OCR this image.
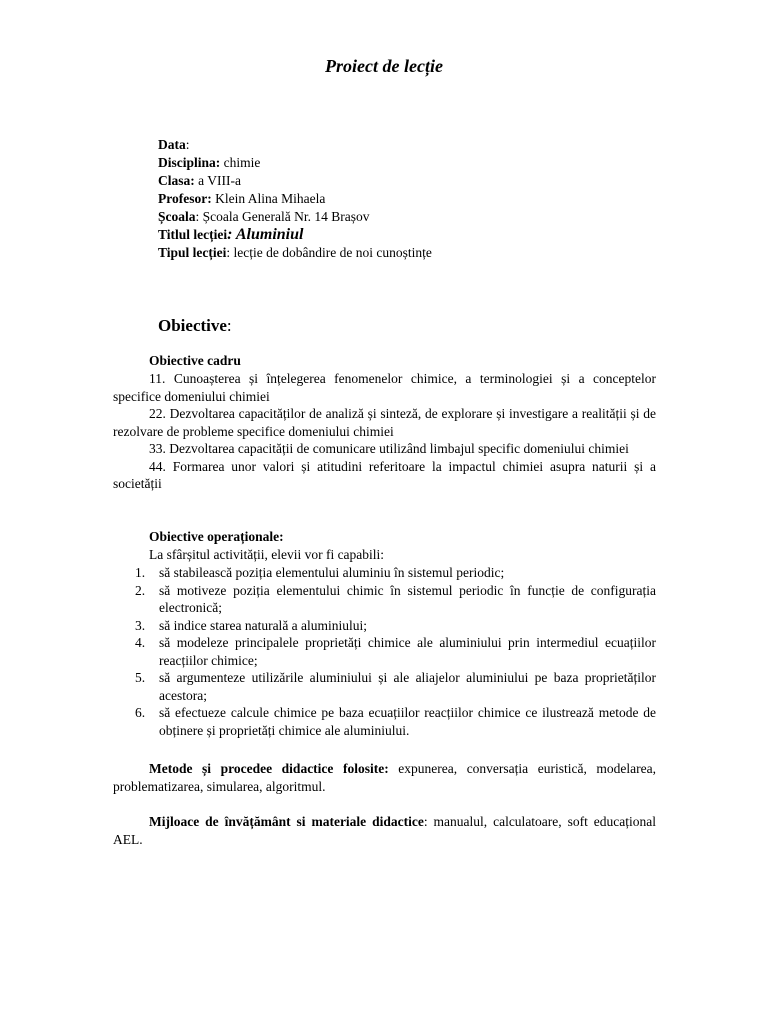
Proiect de lecție
Data:
Disciplina: chimie
Clasa: a VIII-a
Profesor: Klein Alina Mihaela
Școala: Școala Generală Nr. 14 Brașov
Titlul lecției: Aluminiul
Tipul lecției: lecție de dobândire de noi cunoștințe
Obiective:
Obiective cadru

11. Cunoașterea și înțelegerea fenomenelor chimice, a terminologiei și a conceptelor specifice domeniului chimiei

22. Dezvoltarea capacităților de analiză și sinteză, de explorare și investigare a realității și de rezolvare de probleme specifice domeniului chimiei

33. Dezvoltarea capacității de comunicare utilizând limbajul specific domeniului chimiei

44. Formarea unor valori și atitudini referitoare la impactul chimiei asupra naturii și a societății

Obiective operaționale:
La sfârșitul activității, elevii vor fi capabili:
1. să stabilească poziția elementului aluminiu în sistemul periodic;
2. să motiveze poziția elementului chimic în sistemul periodic în funcție de configurația electronică;
3. să indice starea naturală a aluminiului;
4. să modeleze principalele proprietăți chimice ale aluminiului prin intermediul ecuațiilor reacțiilor chimice;
5. să argumenteze utilizările aluminiului și ale aliajelor aluminiului pe baza proprietăților acestora;
6. să efectueze calcule chimice pe baza ecuațiilor reacțiilor chimice ce ilustrează metode de obținere și proprietăți chimice ale aluminiului.

Metode și procedee didactice folosite: expunerea, conversația euristică, modelarea, problematizarea, simularea, algoritmul.

Mijloace de învățământ si materiale didactice: manualul, calculatoare, soft educațional AEL.
